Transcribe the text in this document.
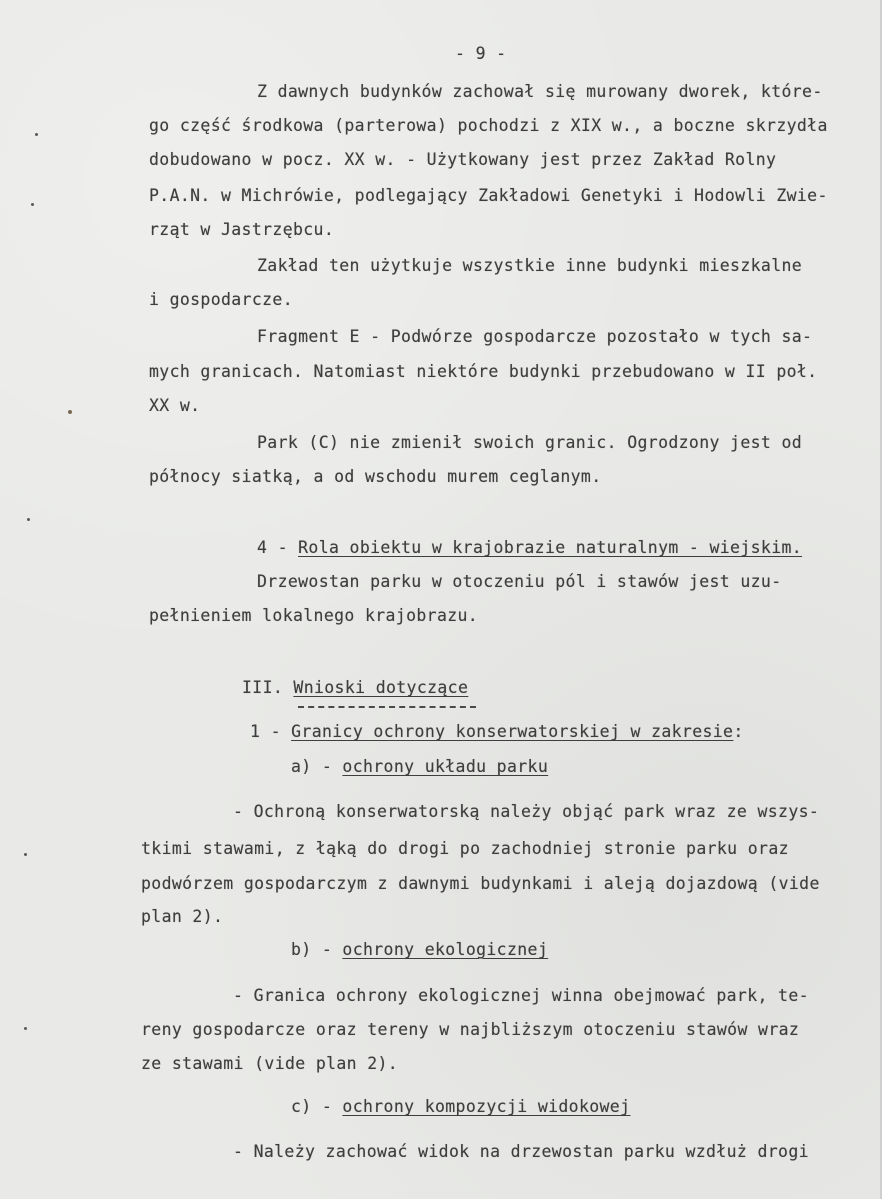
- 9 -
Z dawnych budynków zachował się murowany dworek, które-
go część środkowa (parterowa) pochodzi z XIX w., a boczne skrzydła
dobudowano w pocz. XX w. - Użytkowany jest przez Zakład Rolny
P.A.N. w Michrówie, podlegający Zakładowi Genetyki i Hodowli Zwie-
rząt w Jastrzębcu.
Zakład ten użytkuje wszystkie inne budynki mieszkalne
i gospodarcze.
Fragment E - Podwórze gospodarcze pozostało w tych sa-
mych granicach. Natomiast niektóre budynki przebudowano w II poł.
XX w.
Park (C) nie zmienił swoich granic. Ogrodzony jest od
północy siatką, a od wschodu murem ceglanym.
4 - Rola obiektu w krajobrazie naturalnym - wiejskim.
Drzewostan parku w otoczeniu pól i stawów jest uzu-
pełnieniem lokalnego krajobrazu.
III. Wnioski dotyczące
1 - Granicy ochrony konserwatorskiej w zakresie:
a) - ochrony układu parku
- Ochroną konserwatorską należy objąć park wraz ze wszys-
tkimi stawami, z łąką do drogi po zachodniej stronie parku oraz
podwórzem gospodarczym z dawnymi budynkami i aleją dojazdową (vide
plan 2).
b) - ochrony ekologicznej
- Granica ochrony ekologicznej winna obejmować park, te-
reny gospodarcze oraz tereny w najbliższym otoczeniu stawów wraz
ze stawami (vide plan 2).
c) - ochrony kompozycji widokowej
- Należy zachować widok na drzewostan parku wzdłuż drogi
